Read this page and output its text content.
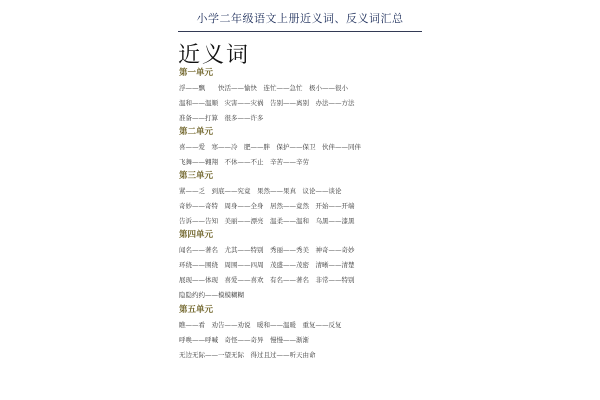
小学二年级语文上册近义词、反义词汇总
近义词
第一单元
浮——飘　　快活——愉快　连忙——急忙　极小——很小
温和——温顺　灾害——灾祸　告别——离别　办法——方法
准备——打算　很多——许多
第二单元
喜——爱　寒——冷　肥——胖　保护——保卫　伙伴——同伴
飞舞——翱翔　不休——不止　辛苦——辛劳
第三单元
紧——乏　到底——究竟　果然——果真　议论——谈论
奇妙——奇特　周身——全身　居然——竟然　开始——开端
告诉——告知　美丽——漂亮　温柔——温和　乌黑——漆黑
第四单元
闻名——著名　尤其——特别　秀丽——秀美　神奇——奇妙
环绕——围绕　周围——四周　茂盛——茂密　清晰——清楚
展现——体现　喜爱——喜欢　有名——著名　非常——特别
隐隐约约——模模糊糊
第五单元
瞧——看　劝告——劝说　暖和——温暖　重复——反复
呼唤——呼喊　奇怪——奇异　慢慢——渐渐
无边无际——一望无际　得过且过——听天由命
